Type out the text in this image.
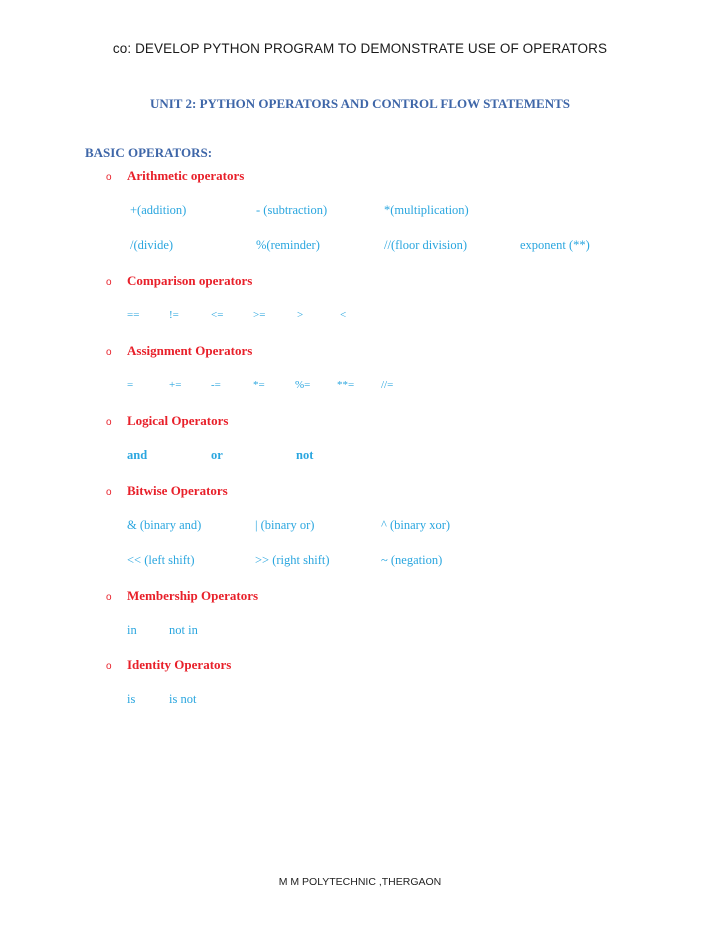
co: DEVELOP PYTHON PROGRAM TO DEMONSTRATE USE OF OPERATORS
UNIT 2: PYTHON OPERATORS AND CONTROL FLOW STATEMENTS
BASIC OPERATORS:
o Arithmetic operators
+(addition)	- (subtraction)	*(multiplication)
/(divide)	%(reminder)	//(floor division)	exponent (**)
o Comparison operators
==	!=	<=	>=	>	<
o Assignment Operators
=	+=	-=	*=	%= **= //=
o Logical Operators
and	or	not
o Bitwise Operators
& (binary and)	| (binary or)	^ (binary xor)
<< (left shift)	>> (right shift)	~ (negation)
o Membership Operators
in	not in
o Identity Operators
is	is not
M M POLYTECHNIC ,THERGAON
